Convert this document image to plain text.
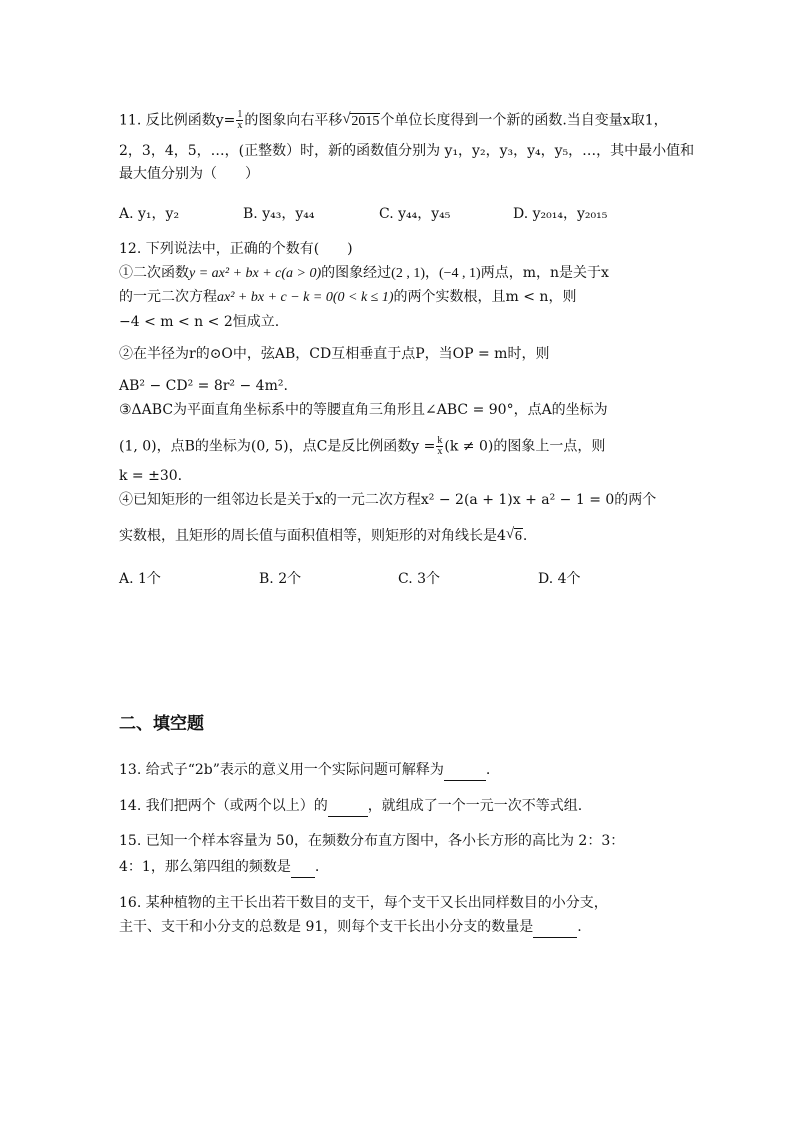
11. 反比例函数$y= \frac{1}{x}$ 的图象向右平移 √ 2015个单位长度得到一个新的函数.当自变量x取1，
2，3，4，5，…，(正整数）时，新的函数值分别为 y₁，y₂，y₃，y₄，y₅，…，其中最小值和
最大值分别为（　　）
A. y₁，y₂	B. y₄₃，y₄₄	C. y₄₄，y₄₅	D. y₂₀₁₄，y₂₀₁₅
12. 下列说法中，正确的个数有(　　)
①二次函数y = ax² + bx + c(a > 0)的图象经过(2 , 1)，(−4 , 1)两点，m，n是关于x
的一元二次方程ax² + bx + c − k = 0(0 < k ≤ 1)的两个实数根，且m < n，则
−4 < m < n < 2恒成立.
②在半径为r的⊙O中，弦AB，CD互相垂直于点P，当OP = m时，则
AB² − CD² = 8r² − 4m².
③ΔABC为平面直角坐标系中的等腰直角三角形且∠ABC = 90°，点A的坐标为
(1, 0)，点B的坐标为(0, 5)，点C是反比例函数$y = \frac{k}{x} (k \ne 0)$的图象上一点，则
k = ±30.
④已知矩形的一组邻边长是关于x的一元二次方程x² − 2(a + 1)x + a² − 1 = 0的两个
实数根，且矩形的周长值与面积值相等，则矩形的对角线长是4 √ 6.
A. 1个	B. 2个	C. 3个	D. 4个
二、填空题
13. 给式子“2b”表示的意义用一个实际问题可解释为	.
14. 我们把两个（或两个以上）的	，就组成了一个一元一次不等式组.
15. 已知一个样本容量为 50，在频数分布直方图中，各小长方形的高比为 2：3：
4：1，那么第四组的频数是 .
16. 某种植物的主干长出若干数目的支干，每个支干又长出同样数目的小分支，
主干、支干和小分支的总数是 91，则每个支干长出小分支的数量是	.
